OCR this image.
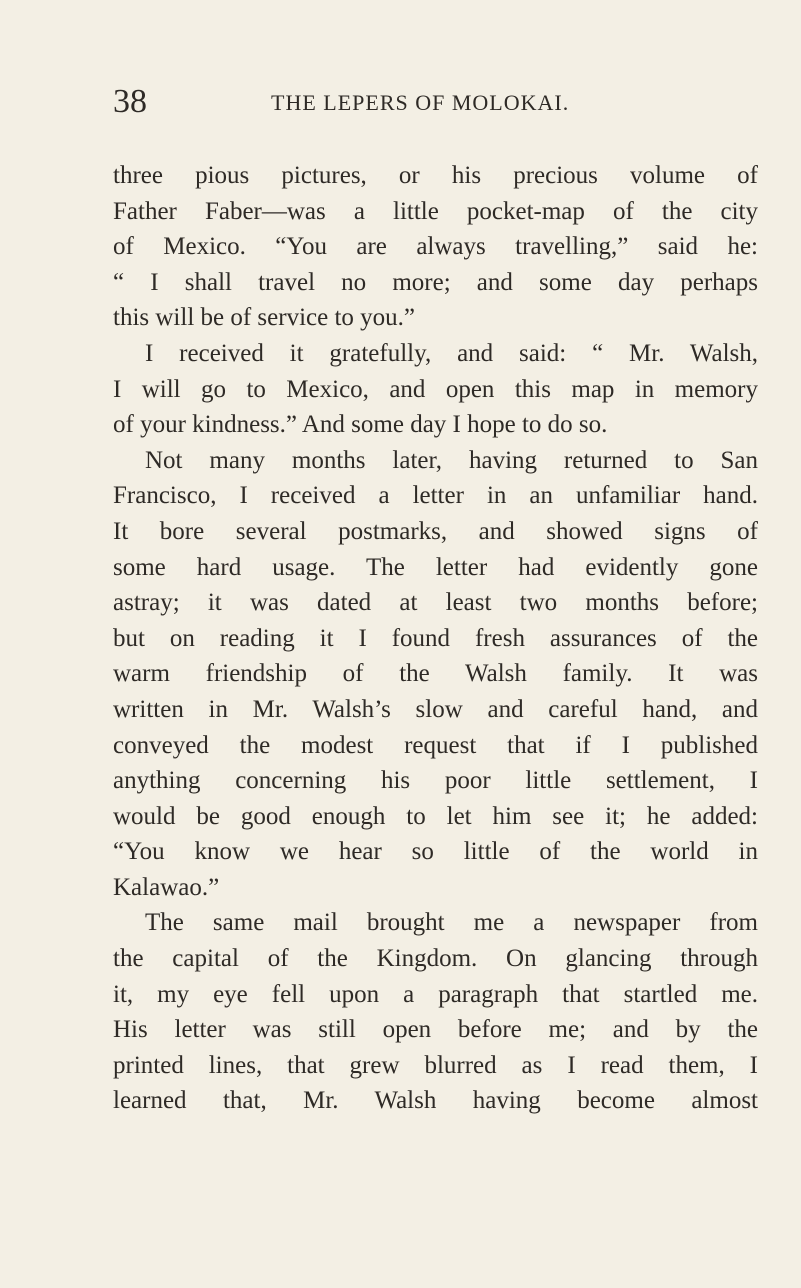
38	THE LEPERS OF MOLOKAI.
three pious pictures, or his precious volume of
Father Faber—was a little pocket-map of the city
of Mexico. “You are always travelling,” said he:
“ I shall travel no more; and some day perhaps
this will be of service to you.”
I received it gratefully, and said: “ Mr. Walsh,
I will go to Mexico, and open this map in memory
of your kindness.” And some day I hope to do so.
Not many months later, having returned to San
Francisco, I received a letter in an unfamiliar hand.
It bore several postmarks, and showed signs of
some hard usage. The letter had evidently gone
astray; it was dated at least two months before;
but on reading it I found fresh assurances of the
warm friendship of the Walsh family. It was
written in Mr. Walsh’s slow and careful hand, and
conveyed the modest request that if I published
anything concerning his poor little settlement, I
would be good enough to let him see it; he added:
“You know we hear so little of the world in
Kalawao.”
The same mail brought me a newspaper from
the capital of the Kingdom. On glancing through
it, my eye fell upon a paragraph that startled me.
His letter was still open before me; and by the
printed lines, that grew blurred as I read them, I
learned that, Mr. Walsh having become almost
